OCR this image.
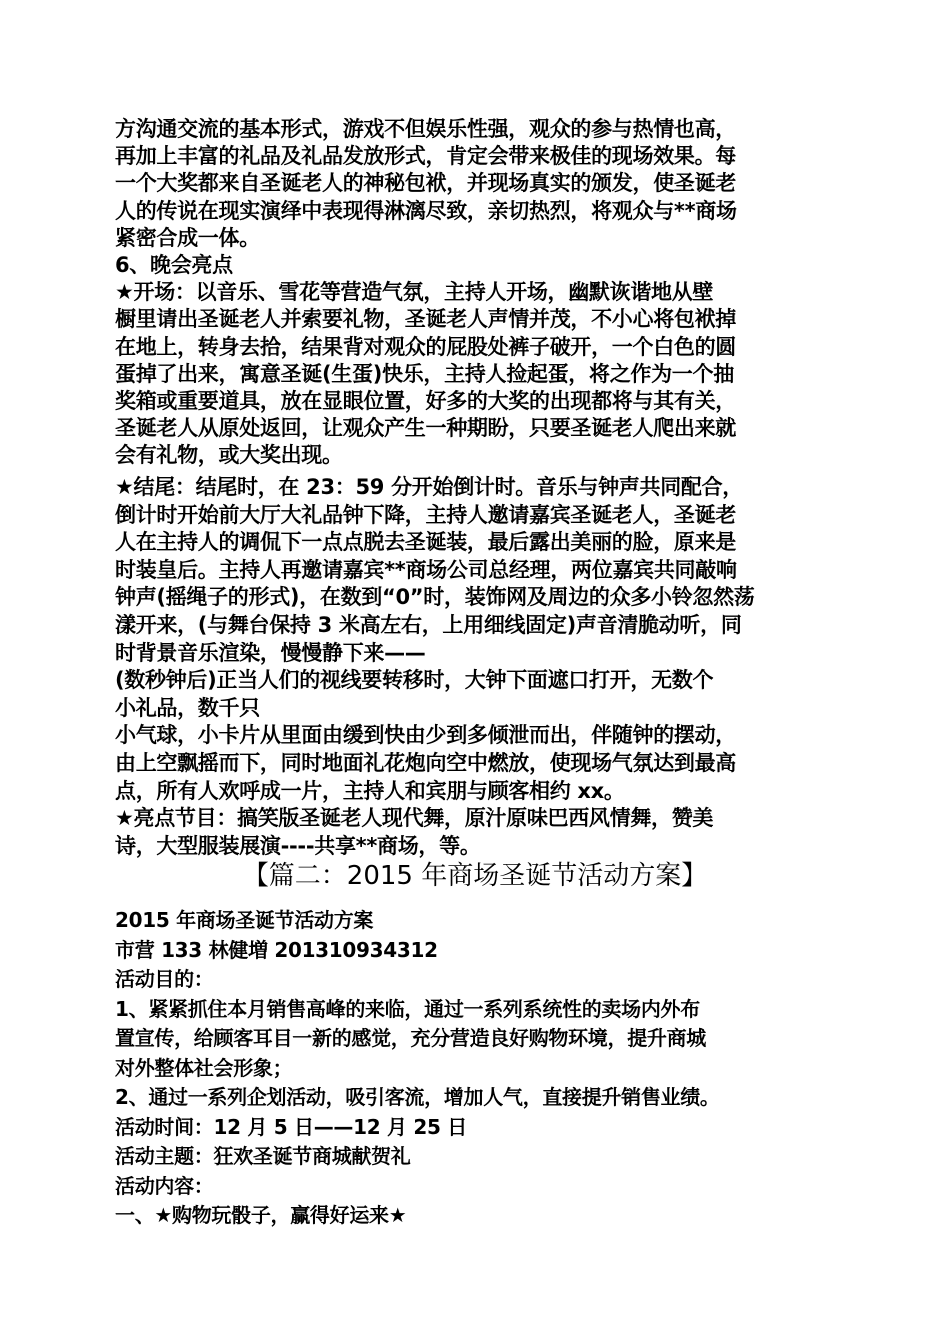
方沟通交流的基本形式，游戏不但娱乐性强，观众的参与热情也高，
再加上丰富的礼品及礼品发放形式，肯定会带来极佳的现场效果。每
一个大奖都来自圣诞老人的神秘包袱，并现场真实的颁发，使圣诞老
人的传说在现实演绎中表现得淋漓尽致，亲切热烈，将观众与**商场
紧密合成一体。
6、晚会亮点
★开场：以音乐、雪花等营造气氛，主持人开场，幽默诙谐地从壁
橱里请出圣诞老人并索要礼物，圣诞老人声情并茂，不小心将包袱掉
在地上，转身去拾，结果背对观众的屁股处裤子破开，一个白色的圆
蛋掉了出来，寓意圣诞(生蛋)快乐，主持人捡起蛋，将之作为一个抽
奖箱或重要道具，放在显眼位置，好多的大奖的出现都将与其有关，
圣诞老人从原处返回，让观众产生一种期盼，只要圣诞老人爬出来就
会有礼物，或大奖出现。
★结尾：结尾时，在 23：59 分开始倒计时。音乐与钟声共同配合，
倒计时开始前大厅大礼品钟下降，主持人邀请嘉宾圣诞老人，圣诞老
人在主持人的调侃下一点点脱去圣诞装，最后露出美丽的脸，原来是
时装皇后。主持人再邀请嘉宾**商场公司总经理，两位嘉宾共同敲响
钟声(摇绳子的形式)，在数到“0”时，装饰网及周边的众多小铃忽然荡
漾开来，(与舞台保持 3 米高左右，上用细线固定)声音清脆动听，同
时背景音乐渲染，慢慢静下来——
(数秒钟后)正当人们的视线要转移时，大钟下面遮口打开，无数个
小礼品，数千只
小气球，小卡片从里面由缓到快由少到多倾泄而出，伴随钟的摆动，
由上空飘摇而下，同时地面礼花炮向空中燃放，使现场气氛达到最高
点，所有人欢呼成一片，主持人和宾朋与顾客相约 xx。
★亮点节目：搞笑版圣诞老人现代舞，原汁原味巴西风情舞，赞美
诗，大型服装展演----共享**商场，等。
【篇二：2015 年商场圣诞节活动方案】
2015 年商场圣诞节活动方案
市营 133 林健増 201310934312
活动目的：
1、紧紧抓住本月销售高峰的来临，通过一系列系统性的卖场内外布
置宣传，给顾客耳目一新的感觉，充分营造良好购物环境，提升商城
对外整体社会形象；
2、通过一系列企划活动，吸引客流，增加人气，直接提升销售业绩。
活动时间：12 月 5 日——12 月 25 日
活动主题：狂欢圣诞节商城献贺礼
活动内容：
一、★购物玩骰子，赢得好运来★
